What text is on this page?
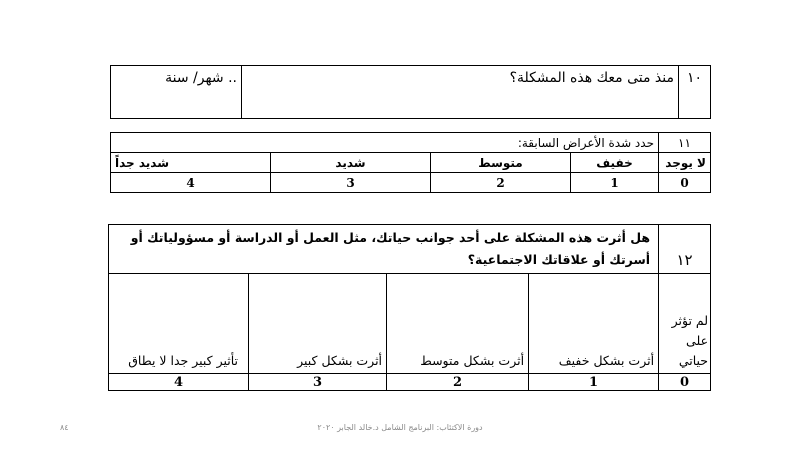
١٠	منذ متى معك هذه المشكلة؟	.. شهر/ سنة
١١	حدد شدة الأعراض السابقة:			
لا يوجد	خفيف	متوسط	شديد	شديد جداً
0	1	2	3	4
١٢	هل أثرت هذه المشكلة على أحد جوانب حياتك، مثل العمل أو الدراسة أو مسؤولياتك أو أسرتك أو علاقاتك الاجتماعية؟			
لم تؤثر على حياتي	أثرت بشكل خفيف	أثرت بشكل متوسط	أثرت بشكل كبير	تأثير كبير جدا لا يطاق
0	1	2	3	4
دورة الاكتئاب: البرنامج الشامل د.خالد الجابر ٢٠٢٠
٨٤
